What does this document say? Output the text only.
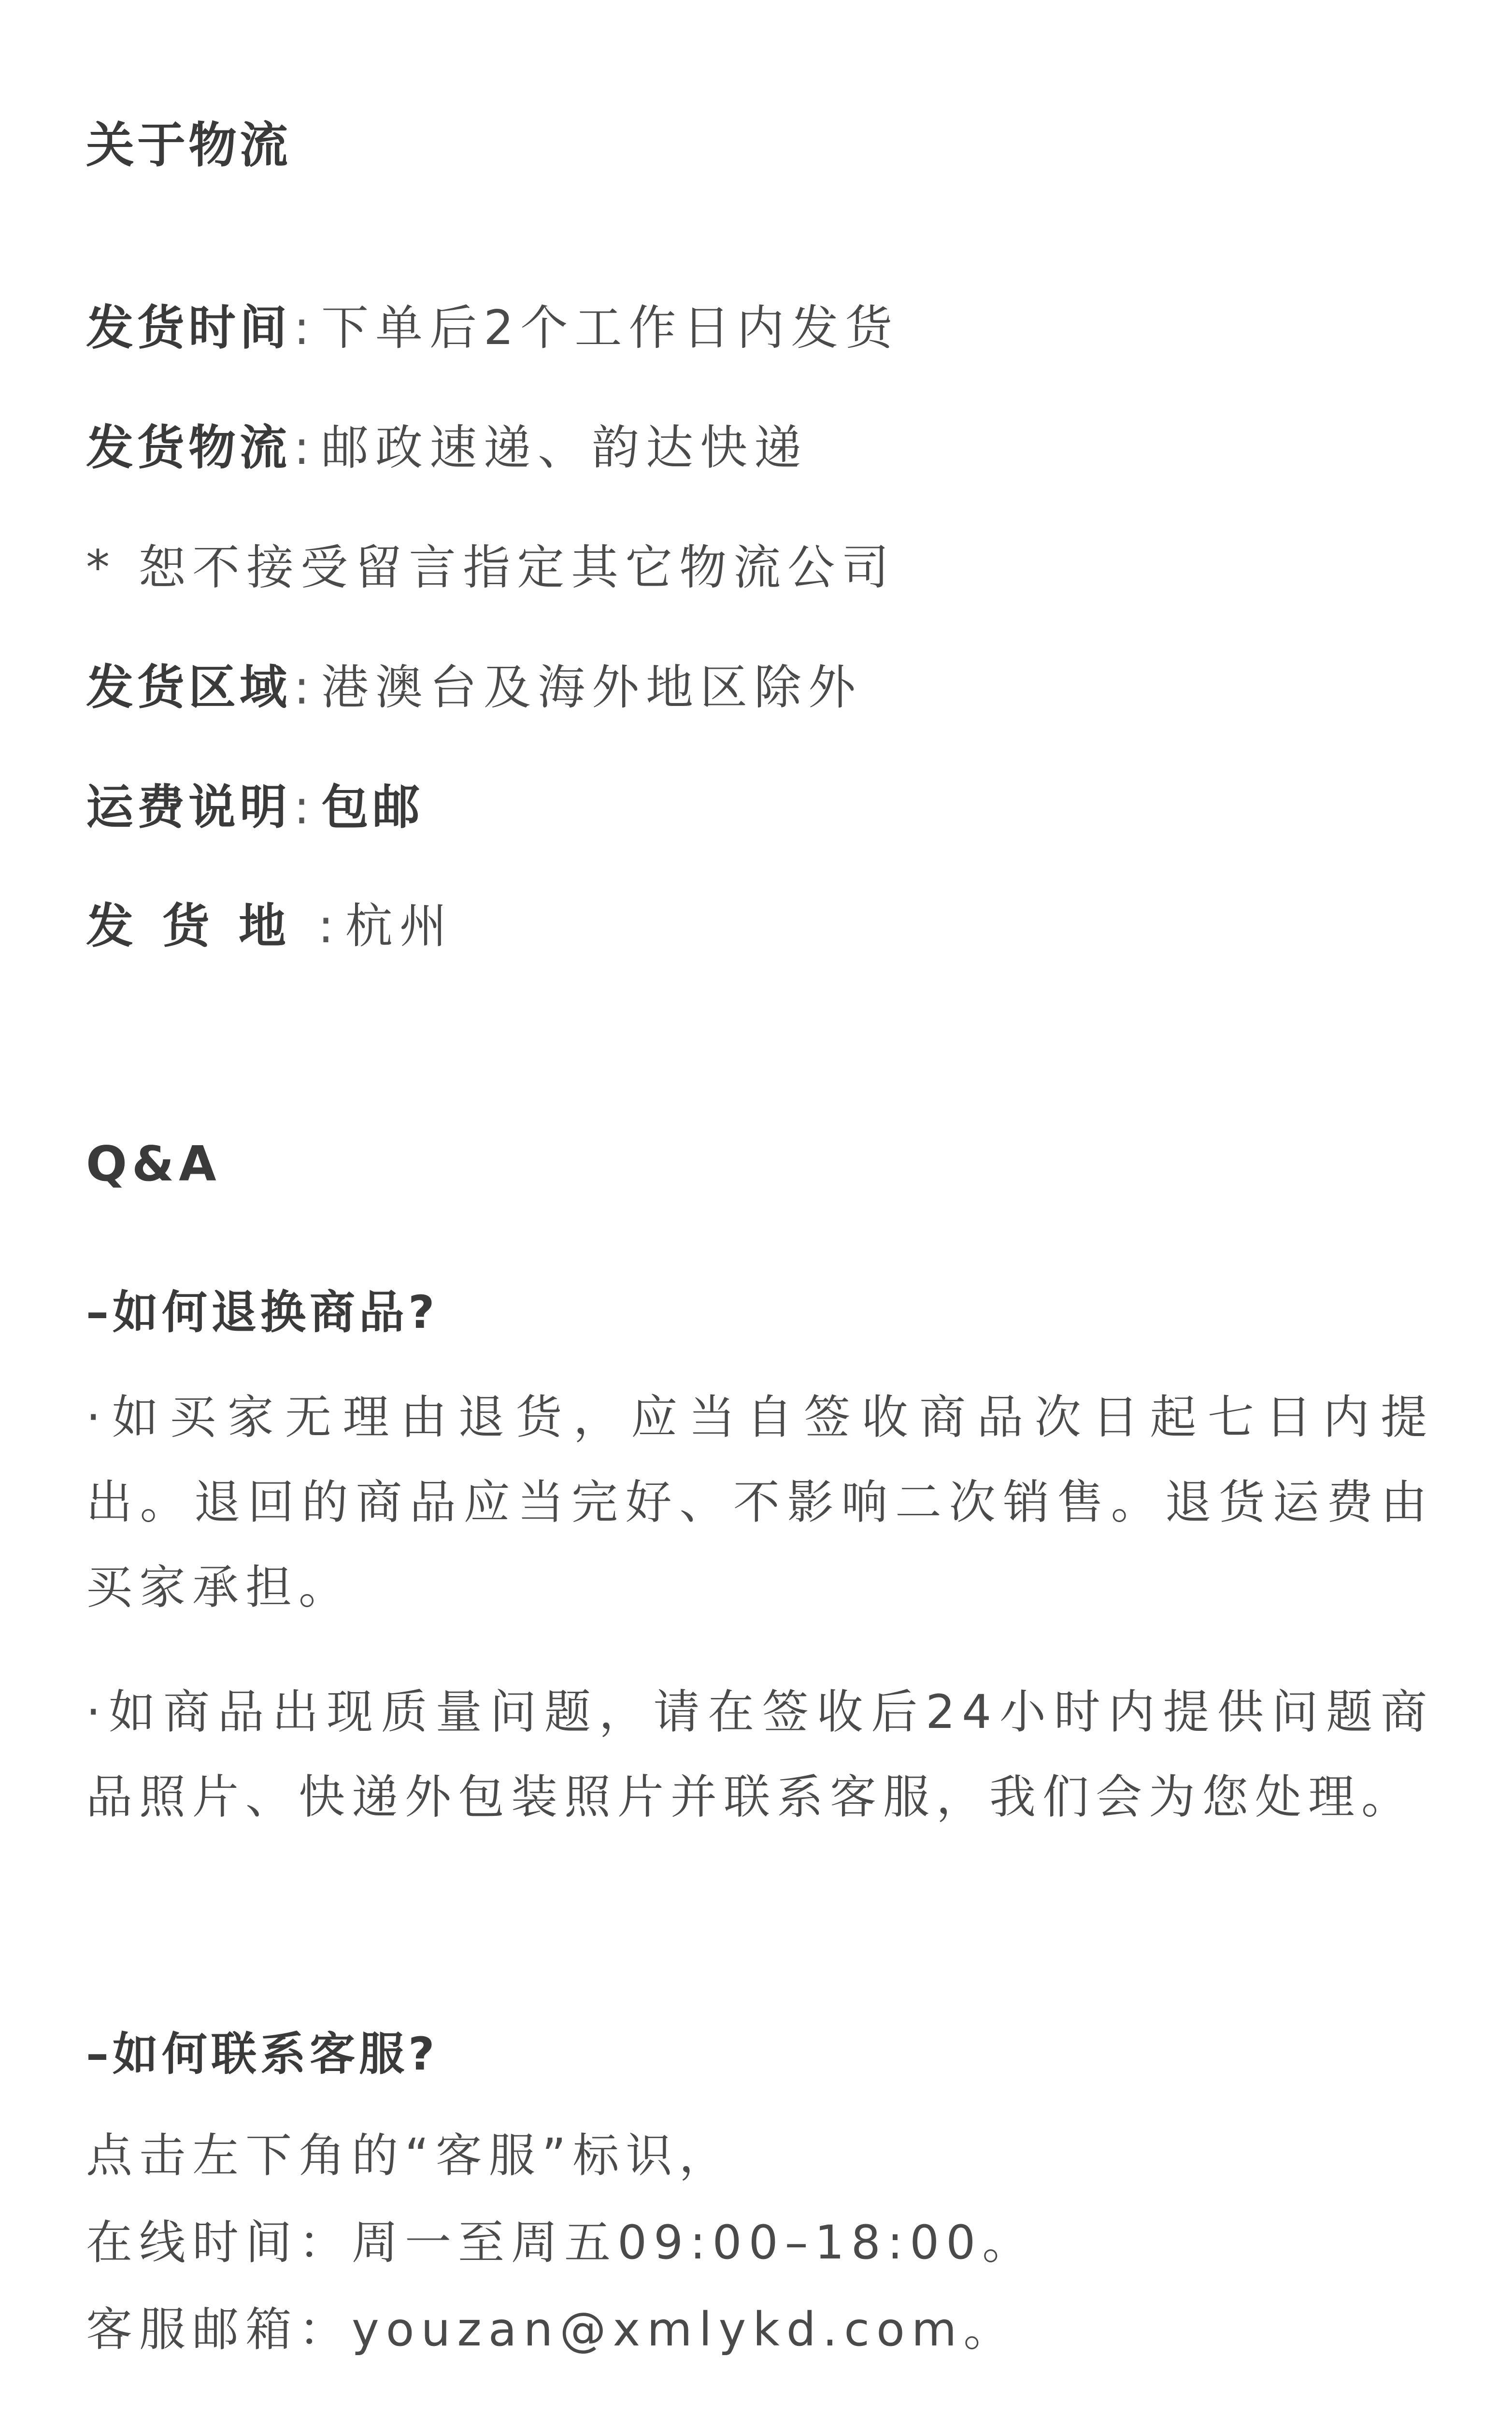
关于物流
发货时间 : 下单后2个工作日内发货
发货物流 : 邮政速递、韵达快递
* 恕不接受留言指定其它物流公司
发货区域 : 港澳台及海外地区除外
运费说明 : 包邮
发货地 : 杭州
Q&A
–如何退换商品?
·如买家无理由退货，应当自签收商品次日起七日内提出。退回的商品应当完好、不影响二次销售。退货运费由买家承担。
·如商品出现质量问题，请在签收后24小时内提供问题商品照片、快递外包装照片并联系客服，我们会为您处理。
–如何联系客服?
点击左下角的“客服”标识，
在线时间：周一至周五09:00–18:00。
客服邮箱：youzan@xmlykd.com。
